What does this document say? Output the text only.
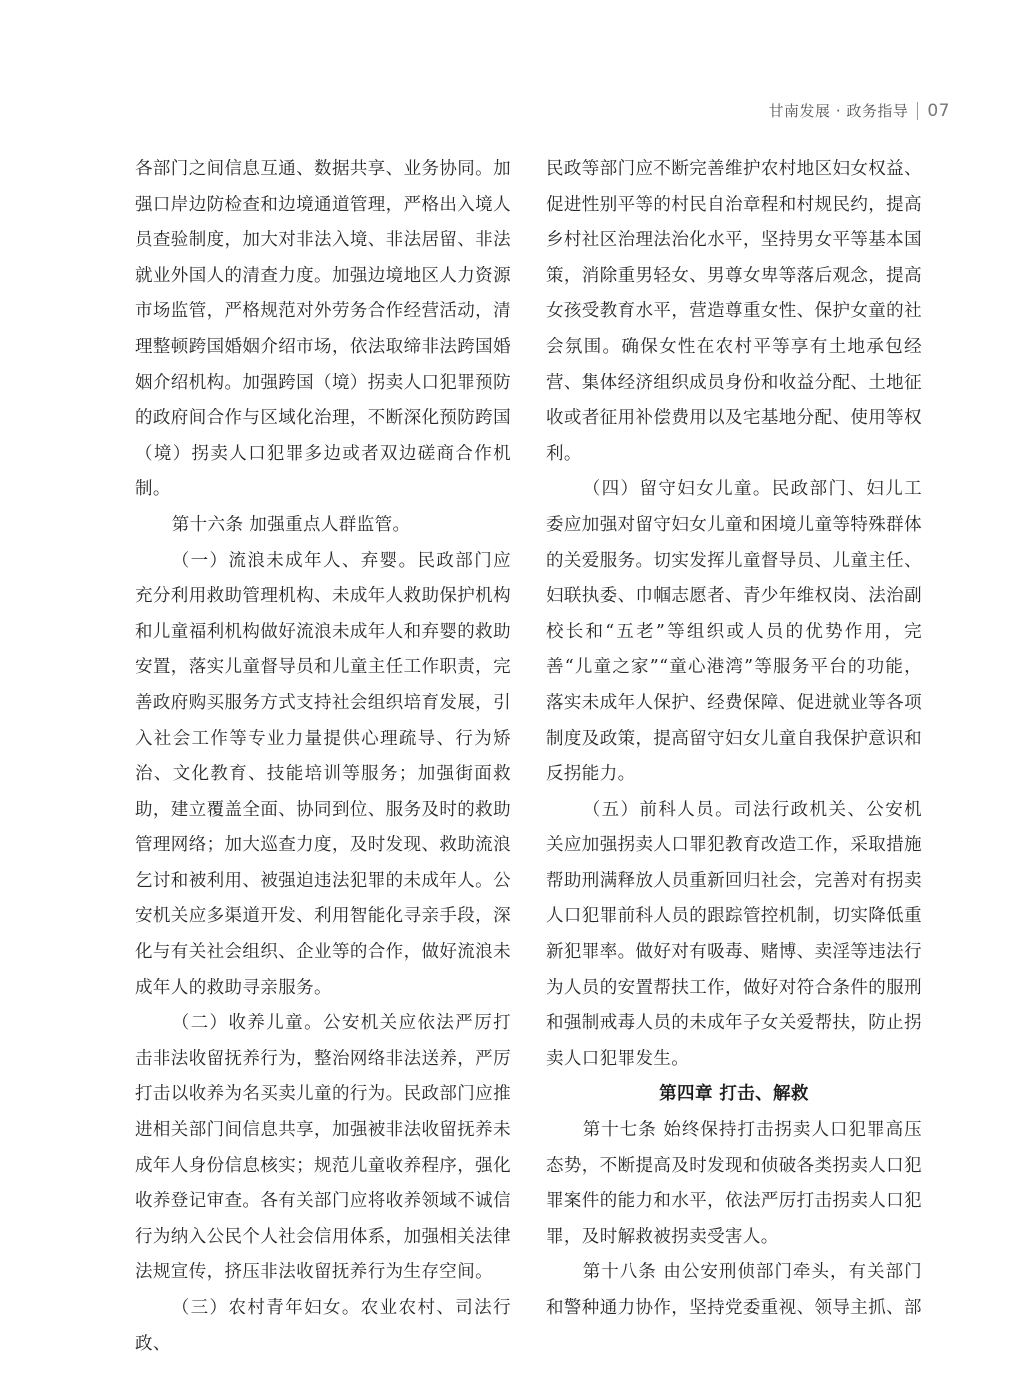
甘南发展 · 政务指导 07

各部门之间信息互通、数据共享、业务协同。加强口岸边防检查和边境通道管理，严格出入境人员查验制度，加大对非法入境、非法居留、非法就业外国人的清查力度。加强边境地区人力资源市场监管，严格规范对外劳务合作经营活动，清理整顿跨国婚姻介绍市场，依法取缔非法跨国婚姻介绍机构。加强跨国（境）拐卖人口犯罪预防的政府间合作与区域化治理，不断深化预防跨国（境）拐卖人口犯罪多边或者双边磋商合作机制。

第十六条 加强重点人群监管。

（一）流浪未成年人、弃婴。民政部门应充分利用救助管理机构、未成年人救助保护机构和儿童福利机构做好流浪未成年人和弃婴的救助安置，落实儿童督导员和儿童主任工作职责，完善政府购买服务方式支持社会组织培育发展，引入社会工作等专业力量提供心理疏导、行为矫治、文化教育、技能培训等服务；加强街面救助，建立覆盖全面、协同到位、服务及时的救助管理网络；加大巡查力度，及时发现、救助流浪乞讨和被利用、被强迫违法犯罪的未成年人。公安机关应多渠道开发、利用智能化寻亲手段，深化与有关社会组织、企业等的合作，做好流浪未成年人的救助寻亲服务。

（二）收养儿童。公安机关应依法严厉打击非法收留抚养行为，整治网络非法送养，严厉打击以收养为名买卖儿童的行为。民政部门应推进相关部门间信息共享，加强被非法收留抚养未成年人身份信息核实；规范儿童收养程序，强化收养登记审查。各有关部门应将收养领域不诚信行为纳入公民个人社会信用体系，加强相关法律法规宣传，挤压非法收留抚养行为生存空间。

（三）农村青年妇女。农业农村、司法行政、

民政等部门应不断完善维护农村地区妇女权益、促进性别平等的村民自治章程和村规民约，提高乡村社区治理法治化水平，坚持男女平等基本国策，消除重男轻女、男尊女卑等落后观念，提高女孩受教育水平，营造尊重女性、保护女童的社会氛围。确保女性在农村平等享有土地承包经营、集体经济组织成员身份和收益分配、土地征收或者征用补偿费用以及宅基地分配、使用等权利。

（四）留守妇女儿童。民政部门、妇儿工委应加强对留守妇女儿童和困境儿童等特殊群体的关爱服务。切实发挥儿童督导员、儿童主任、妇联执委、巾帼志愿者、青少年维权岗、法治副校长和“五老”等组织或人员的优势作用，完善“儿童之家”“童心港湾”等服务平台的功能，落实未成年人保护、经费保障、促进就业等各项制度及政策，提高留守妇女儿童自我保护意识和反拐能力。

（五）前科人员。司法行政机关、公安机关应加强拐卖人口罪犯教育改造工作，采取措施帮助刑满释放人员重新回归社会，完善对有拐卖人口犯罪前科人员的跟踪管控机制，切实降低重新犯罪率。做好对有吸毒、赌博、卖淫等违法行为人员的安置帮扶工作，做好对符合条件的服刑和强制戒毒人员的未成年子女关爱帮扶，防止拐卖人口犯罪发生。

第四章 打击、解救

第十七条 始终保持打击拐卖人口犯罪高压态势，不断提高及时发现和侦破各类拐卖人口犯罪案件的能力和水平，依法严厉打击拐卖人口犯罪，及时解救被拐卖受害人。

第十八条 由公安刑侦部门牵头，有关部门和警种通力协作，坚持党委重视、领导主抓、部
